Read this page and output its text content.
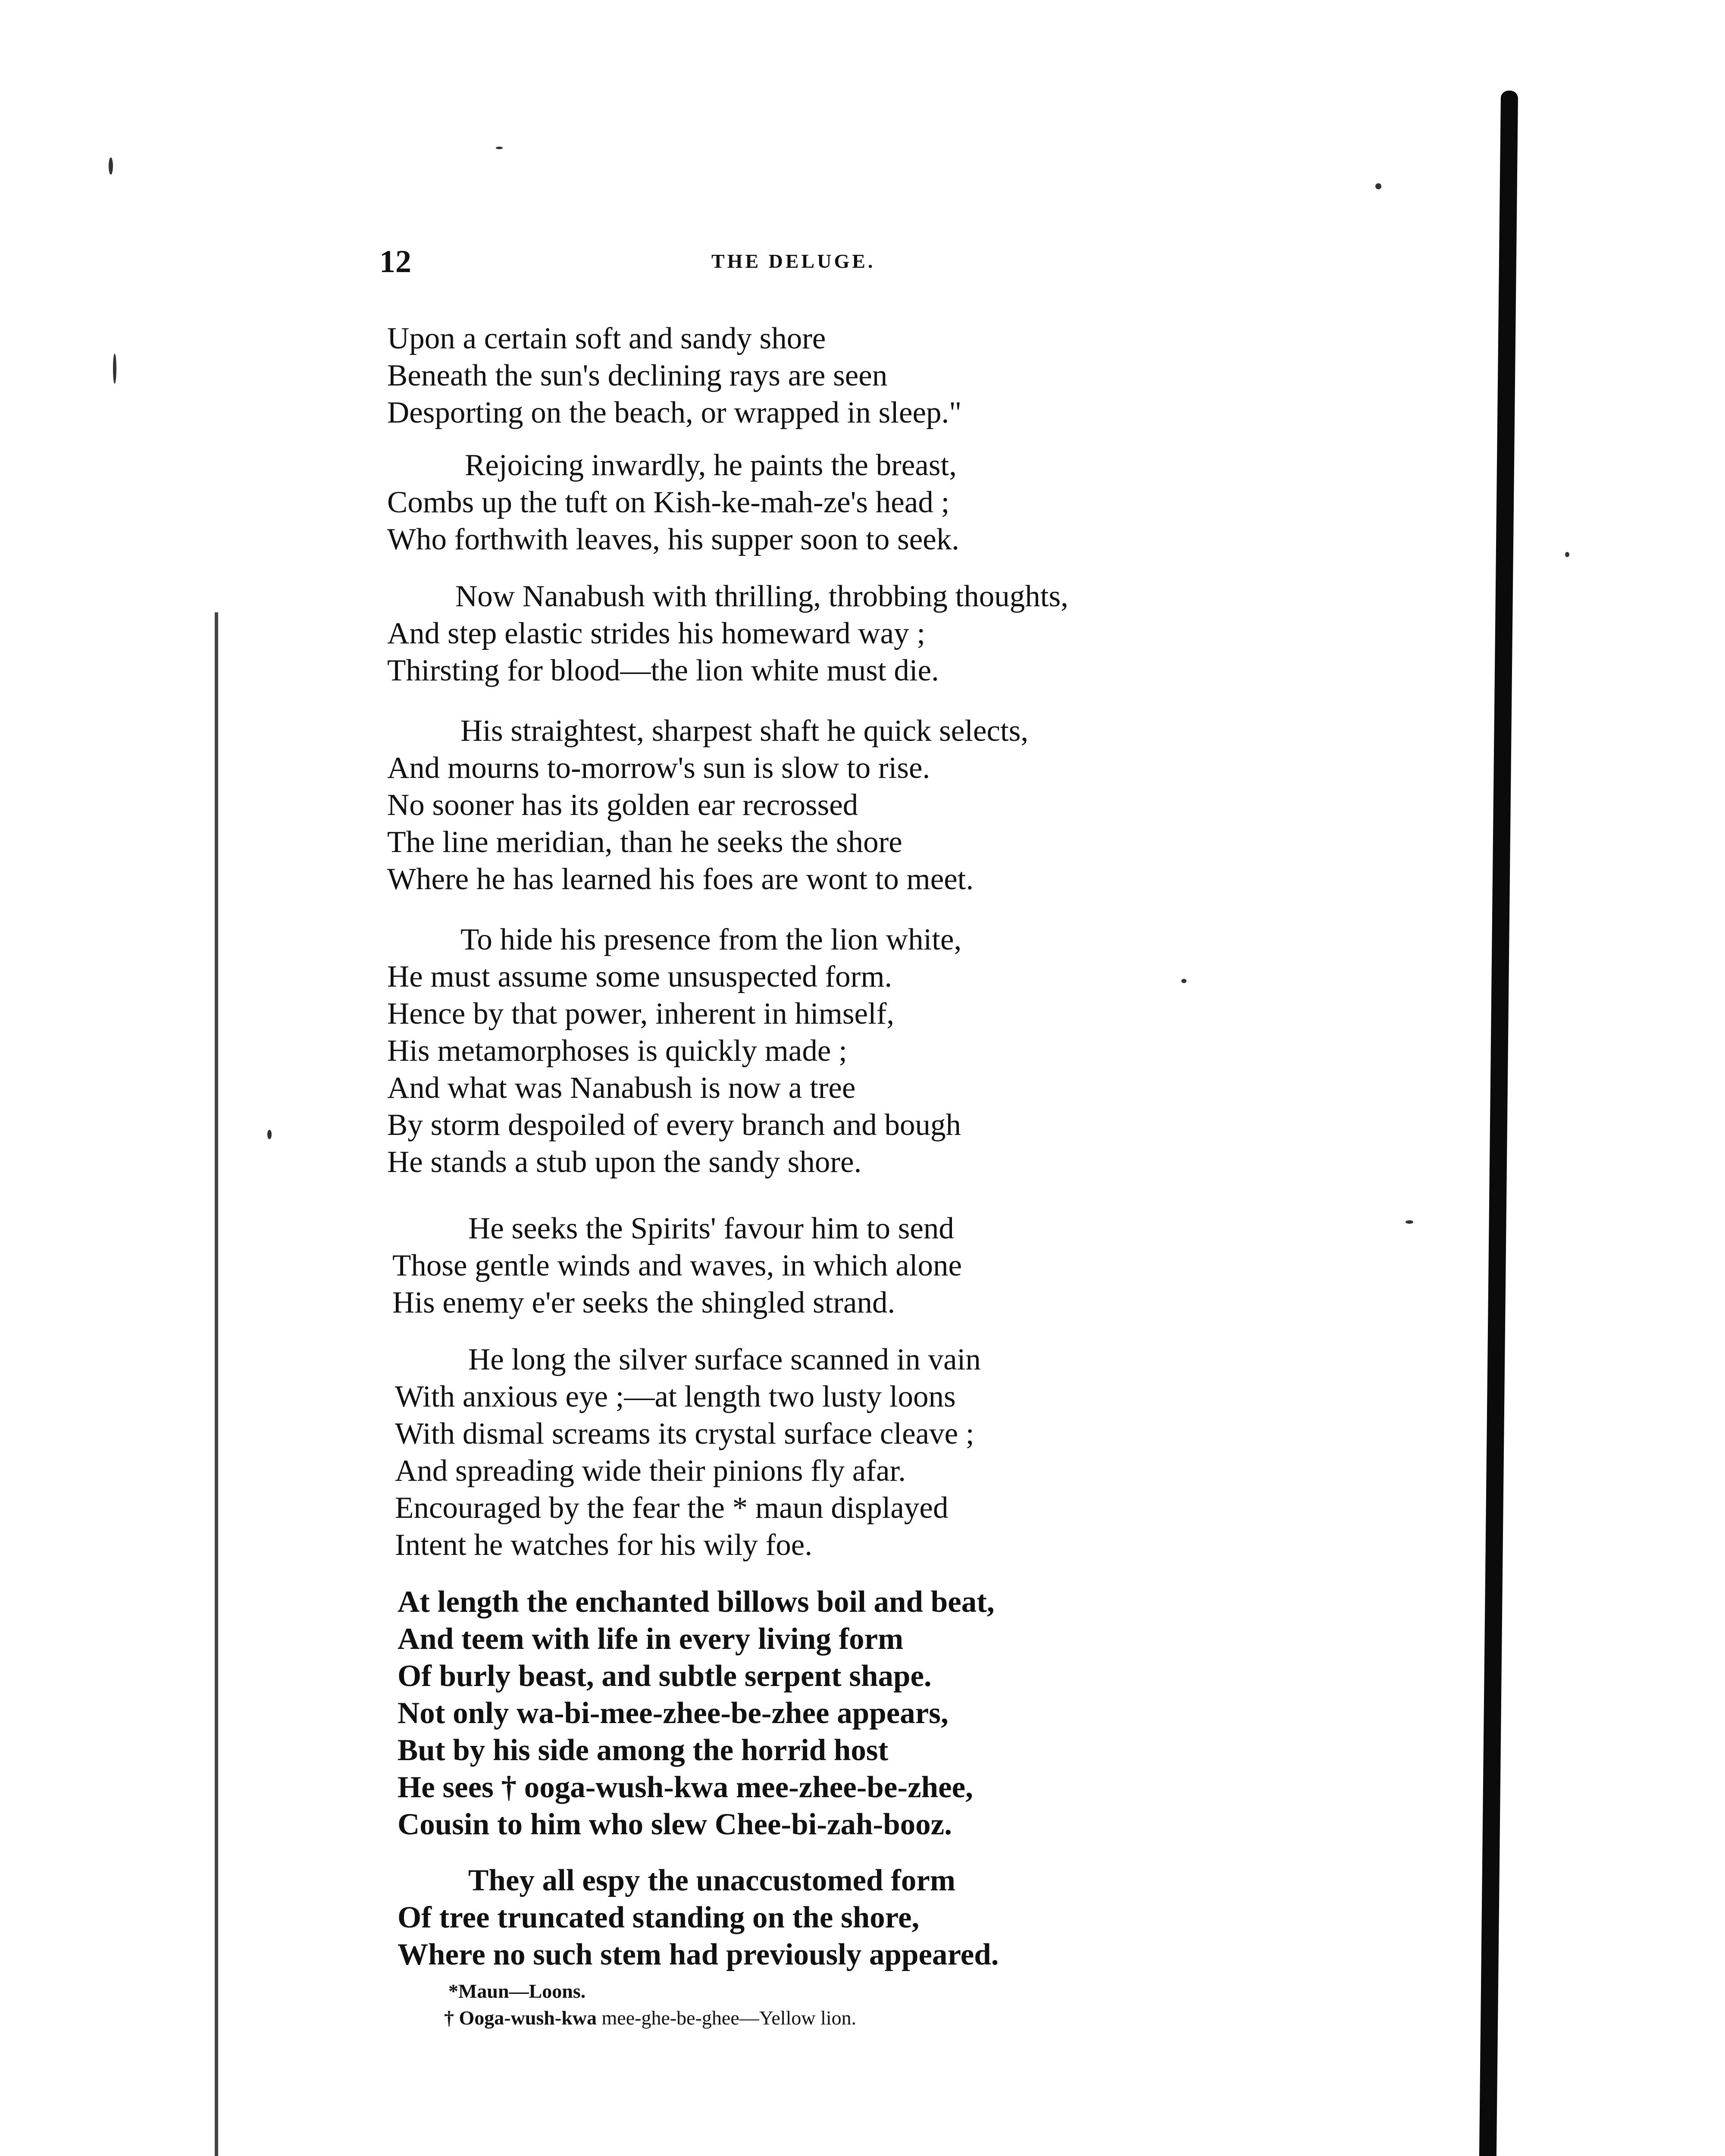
12	THE DELUGE.
Upon a certain soft and sandy shore
Beneath the sun's declining rays are seen
Desporting on the beach, or wrapped in sleep."
Rejoicing inwardly, he paints the breast,
Combs up the tuft on Kish-ke-mah-ze's head ;
Who forthwith leaves, his supper soon to seek.
Now Nanabush with thrilling, throbbing thoughts,
And step elastic strides his homeward way ;
Thirsting for blood—the lion white must die.
His straightest, sharpest shaft he quick selects,
And mourns to-morrow's sun is slow to rise.
No sooner has its golden ear recrossed
The line meridian, than he seeks the shore
Where he has learned his foes are wont to meet.
To hide his presence from the lion white,
He must assume some unsuspected form.
Hence by that power, inherent in himself,
His metamorphoses is quickly made ;
And what was Nanabush is now a tree
By storm despoiled of every branch and bough
He stands a stub upon the sandy shore.
He seeks the Spirits' favour him to send
Those gentle winds and waves, in which alone
His enemy e'er seeks the shingled strand.
He long the silver surface scanned in vain
With anxious eye ;—at length two lusty loons
With dismal screams its crystal surface cleave ;
And spreading wide their pinions fly afar.
Encouraged by the fear the * maun displayed
Intent he watches for his wily foe.
At length the enchanted billows boil and beat,
And teem with life in every living form
Of burly beast, and subtle serpent shape.
Not only wa-bi-mee-zhee-be-zhee appears,
But by his side among the horrid host
He sees † ooga-wush-kwa mee-zhee-be-zhee,
Cousin to him who slew Chee-bi-zah-booz.
They all espy the unaccustomed form
Of tree truncated standing on the shore,
Where no such stem had previously appeared.
*Maun—Loons.
† Ooga-wush-kwa mee-ghe-be-ghee—Yellow lion.
